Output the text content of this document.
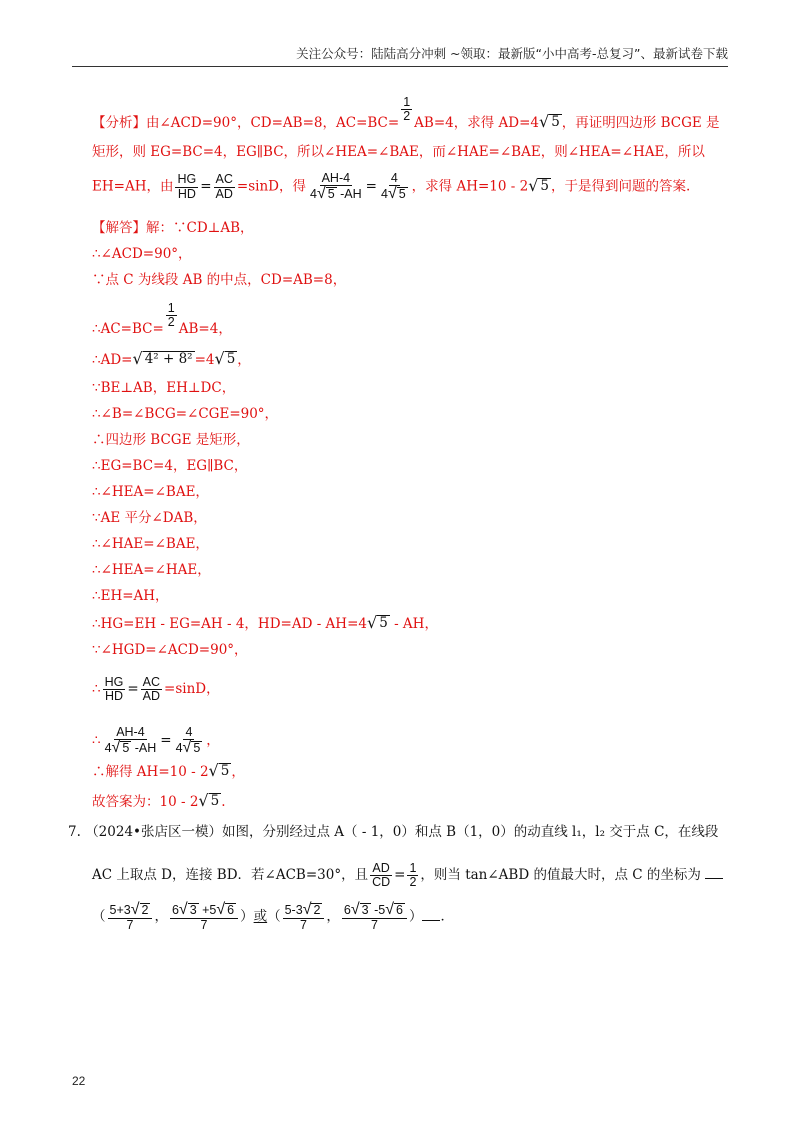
关注公众号：陆陆高分冲刺 ~领取：最新版“小中高考-总复习”、最新试卷下载
【分析】由∠ACD=90°，CD=AB=8，$AC=BC= \frac{1}{2} AB=4$，求得 AD=4 √ 5 ，再证明四边形 BCGE 是
矩形，则 EG=BC=4，EG∥BC，所以∠HEA=∠BAE，而∠HAE=∠BAE，则∠HEA=∠HAE，所以
EH=AH，由 $\frac{HG}{HD} = \frac{AC}{AD} =\sin D$，得 $\frac{AH-4}{4 √ 5 -AH} = \frac{4}{4 √ 5}$ ，求得 AH=10 - 2 √ 5 ，于是得到问题的答案.
【解答】解：∵CD⊥AB，
∴∠ACD=90°，
∵点 C 为线段 AB 的中点，CD=AB=8，
∴AC=BC= $\frac{1}{2} AB=4$，
∴AD= √ 4² + 8² =4 √ 5 ，
∵BE⊥AB，EH⊥DC，
∴∠B=∠BCG=∠CGE=90°，
∴四边形 BCGE 是矩形，
∴EG=BC=4，EG∥BC，
∴∠HEA=∠BAE，
∵AE 平分∠DAB，
∴∠HAE=∠BAE，
∴∠HEA=∠HAE，
∴EH=AH，
∴HG=EH - EG=AH - 4，HD=AD - AH=4 √ 5 - AH，
∵∠HGD=∠ACD=90°，
∴ $\frac{HG}{HD} = \frac{AC}{AD} =\sin D$，
∴ $\frac{AH-4}{4 √ 5 -AH} = \frac{4}{4 √ 5}$ ，
∴解得 AH=10 - 2 √ 5 ，
故答案为：10 - 2 √ 5 .
7. （2024•张店区一模）如图，分别经过点 A（ - 1，0）和点 B（1，0）的动直线 l₁，l₂ 交于点 C，在线段
AC 上取点 D，连接 BD．若∠ACB=30°，且 $\frac{AD}{CD} = \frac{1}{2}$ ，则当 tan∠ABD 的值最大时，点 C 的坐标为
（ $\frac{5+3 √ 2}{7}$ ， $\frac{6 √ 3 +5 √ 6}{7}$ ）或（ $\frac{5-3 √ 2}{7}$ ， $\frac{6 √ 3 -5 √ 6}{7}$ ） ．
22
